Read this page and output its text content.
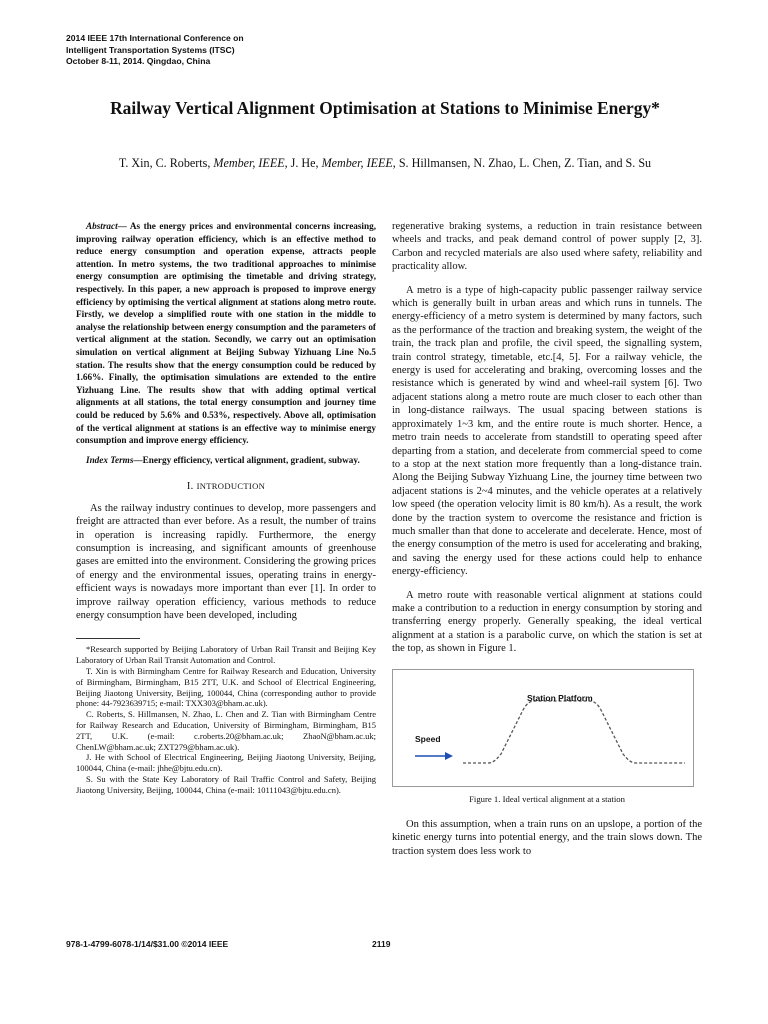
2014 IEEE 17th International Conference on
Intelligent Transportation Systems (ITSC)
October 8-11, 2014. Qingdao, China
Railway Vertical Alignment Optimisation at Stations to Minimise Energy*
T. Xin, C. Roberts, Member, IEEE, J. He, Member, IEEE, S. Hillmansen, N. Zhao, L. Chen, Z. Tian, and S. Su

Abstract— As the energy prices and environmental concerns increasing, improving railway operation efficiency, which is an effective method to reduce energy consumption and operation expense, attracts people attention. In metro systems, the two traditional approaches to minimise energy consumption are optimising the timetable and driving strategy, respectively. In this paper, a new approach is proposed to improve energy efficiency by optimising the vertical alignment at stations along metro route. Firstly, we develop a simplified route with one station in the middle to analyse the relationship between energy consumption and the parameters of vertical alignment at the station. Secondly, we carry out an optimisation simulation on vertical alignment at Beijing Subway Yizhuang Line No.5 station. The results show that the energy consumption could be reduced by 1.66%. Finally, the optimisation simulations are extended to the entire Yizhuang Line. The results show that with adding optimal vertical alignments at all stations, the total energy consumption and journey time could be reduced by 5.6% and 0.53%, respectively. Above all, optimisation of the vertical alignment at stations is an effective way to minimise energy consumption and improve energy efficiency.

Index Terms—Energy efficiency, vertical alignment, gradient, subway.

I. INTRODUCTION

As the railway industry continues to develop, more passengers and freight are attracted than ever before. As a result, the number of trains in operation is increasing rapidly. Furthermore, the energy consumption is increasing, and significant amounts of greenhouse gases are emitted into the environment. Considering the growing prices of energy and the environmental issues, operating trains in energy-efficient ways is nowadays more important than ever [1]. In order to improve railway operation efficiency, various methods to reduce energy consumption have been developed, including

*Research supported by Beijing Laboratory of Urban Rail Transit and Beijing Key Laboratory of Urban Rail Transit Automation and Control.

T. Xin is with Birmingham Centre for Railway Research and Education, University of Birmingham, Birmingham, B15 2TT, U.K. and School of Electrical Engineering, Beijing Jiaotong University, Beijing, 100044, China (corresponding author to provide phone: 44-7923639715; e-mail: TXX303@bham.ac.uk).

C. Roberts, S. Hillmansen, N. Zhao, L. Chen and Z. Tian with Birmingham Centre for Railway Research and Education, University of Birmingham, Birmingham, B15 2TT, U.K. (e-mail: c.roberts.20@bham.ac.uk; ZhaoN@bham.ac.uk; ChenLW@bham.ac.uk; ZXT279@bham.ac.uk).

J. He with School of Electrical Engineering, Beijing Jiaotong University, Beijing, 100044, China (e-mail: jhhe@bjtu.edu.cn).

S. Su with the State Key Laboratory of Rail Traffic Control and Safety, Beijing Jiaotong University, Beijing, 100044, China (e-mail: 10111043@bjtu.edu.cn).

regenerative braking systems, a reduction in train resistance between wheels and tracks, and peak demand control of power supply [2, 3]. Carbon and recycled materials are also used where safety, reliability and practicality allow.

A metro is a type of high-capacity public passenger railway service which is generally built in urban areas and which runs in tunnels. The energy-efficiency of a metro system is determined by many factors, such as the performance of the traction and breaking system, the weight of the train, the track plan and profile, the civil speed, the signalling system, train control strategy, timetable, etc.[4, 5]. For a railway vehicle, the energy is used for accelerating and braking, overcoming losses and the resistance which is generated by wind and wheel-rail system [6]. Two adjacent stations along a metro route are much closer to each other than in long-distance railways. The usual spacing between stations is approximately 1~3 km, and the entire route is much shorter. Hence, a metro train needs to accelerate from standstill to operating speed after departing from a station, and decelerate from commercial speed to come to a stop at the next station more frequently than a long-distance train. Along the Beijing Subway Yizhuang Line, the journey time between two adjacent stations is 2~4 minutes, and the vehicle operates at a relatively low speed (the operation velocity limit is 80 km/h). As a result, the work done by the traction system to overcome the resistance and friction is much smaller than that done to accelerate and decelerate. Hence, most of the energy consumption of the metro is used for accelerating and braking, and saving the energy used for these actions could help to enhance energy-efficiency.

A metro route with reasonable vertical alignment at stations could make a contribution to a reduction in energy consumption by storing and transferring energy properly. Generally speaking, the ideal vertical alignment at a station is a parabolic curve, on which the station is set at the top, as shown in Figure 1.

Station Platform
Speed
Figure 1. Ideal vertical alignment at a station

On this assumption, when a train runs on an upslope, a portion of the kinetic energy turns into potential energy, and the train slows down. The traction system does less work to

978-1-4799-6078-1/14/$31.00 ©2014 IEEE	2119
